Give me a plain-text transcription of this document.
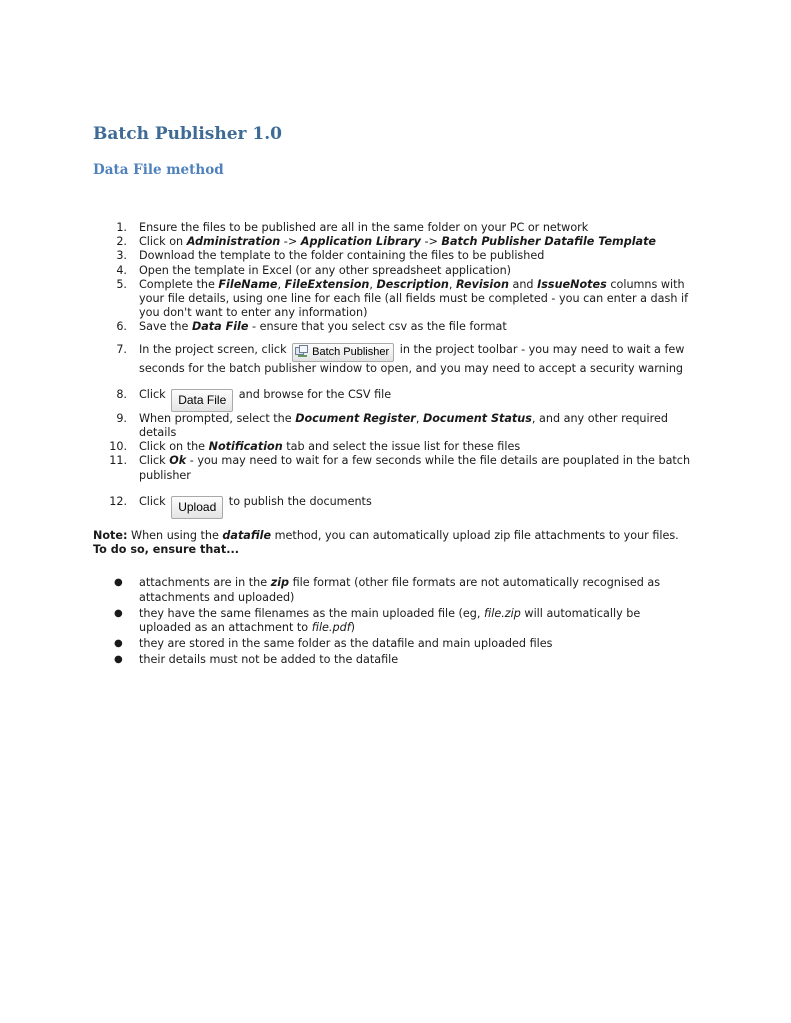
Batch Publisher 1.0
Data File method
1. Ensure the files to be published are all in the same folder on your PC or network
2. Click on Administration -> Application Library -> Batch Publisher Datafile Template
3. Download the template to the folder containing the files to be published
4. Open the template in Excel (or any other spreadsheet application)
5. Complete the FileName, FileExtension, Description, Revision and IssueNotes columns with your file details, using one line for each file (all fields must be completed - you can enter a dash if you don't want to enter any information)
6. Save the Data File - ensure that you select csv as the file format
7. In the project screen, click Batch Publisher in the project toolbar - you may need to wait a few seconds for the batch publisher window to open, and you may need to accept a security warning
8. Click Data File and browse for the CSV file
9. When prompted, select the Document Register, Document Status, and any other required details
10. Click on the Notification tab and select the issue list for these files
11. Click Ok - you may need to wait for a few seconds while the file details are pouplated in the batch publisher
12. Click Upload to publish the documents

Note: When using the datafile method, you can automatically upload zip file attachments to your files. To do so, ensure that...

● attachments are in the zip file format (other file formats are not automatically recognised as attachments and uploaded)
● they have the same filenames as the main uploaded file (eg, file.zip will automatically be uploaded as an attachment to file.pdf)
● they are stored in the same folder as the datafile and main uploaded files
● their details must not be added to the datafile
